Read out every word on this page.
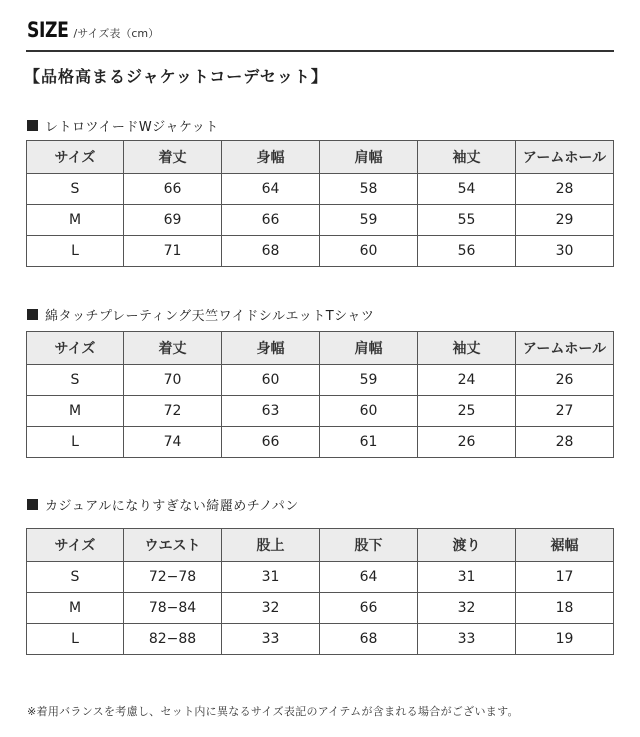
SIZE /サイズ表（cm）
【品格高まるジャケットコーデセット】
レトロツイードWジャケット
サイズ	着丈	身幅	肩幅	袖丈	アームホール
S	66	64	58	54	28
M	69	66	59	55	29
L	71	68	60	56	30
綿タッチプレーティング天竺ワイドシルエットTシャツ
サイズ	着丈	身幅	肩幅	袖丈	アームホール
S	70	60	59	24	26
M	72	63	60	25	27
L	74	66	61	26	28
カジュアルになりすぎない綺麗めチノパン
サイズ	ウエスト	股上	股下	渡り	裾幅
S	72−78	31	64	31	17
M	78−84	32	66	32	18
L	82−88	33	68	33	19
※着用バランスを考慮し、セット内に異なるサイズ表記のアイテムが含まれる場合がございます。
